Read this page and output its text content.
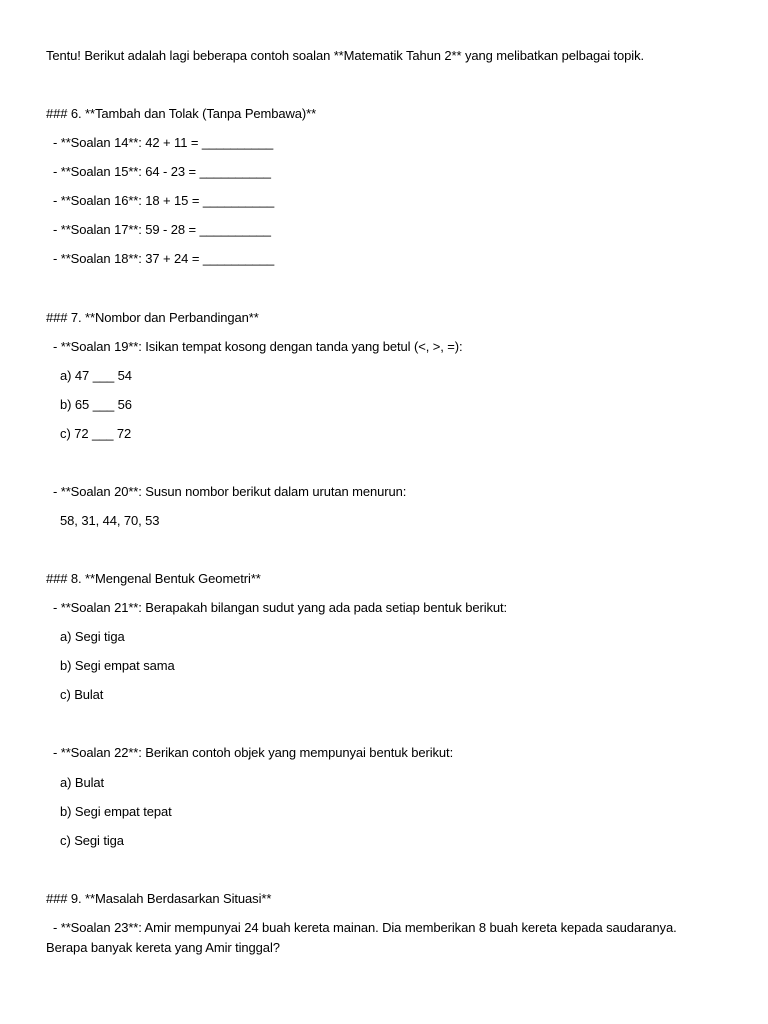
Tentu! Berikut adalah lagi beberapa contoh soalan **Matematik Tahun 2** yang melibatkan pelbagai topik.
### 6. **Tambah dan Tolak (Tanpa Pembawa)**
- **Soalan 14**: 42 + 11 = __________
- **Soalan 15**: 64 - 23 = __________
- **Soalan 16**: 18 + 15 = __________
- **Soalan 17**: 59 - 28 = __________
- **Soalan 18**: 37 + 24 = __________
### 7. **Nombor dan Perbandingan**
- **Soalan 19**: Isikan tempat kosong dengan tanda yang betul (<, >, =):
a) 47 ___ 54
b) 65 ___ 56
c) 72 ___ 72
- **Soalan 20**: Susun nombor berikut dalam urutan menurun:
58, 31, 44, 70, 53
### 8. **Mengenal Bentuk Geometri**
- **Soalan 21**: Berapakah bilangan sudut yang ada pada setiap bentuk berikut:
a) Segi tiga
b) Segi empat sama
c) Bulat
- **Soalan 22**: Berikan contoh objek yang mempunyai bentuk berikut:
a) Bulat
b) Segi empat tepat
c) Segi tiga
### 9. **Masalah Berdasarkan Situasi**
- **Soalan 23**: Amir mempunyai 24 buah kereta mainan. Dia memberikan 8 buah kereta kepada saudaranya.
Berapa banyak kereta yang Amir tinggal?
